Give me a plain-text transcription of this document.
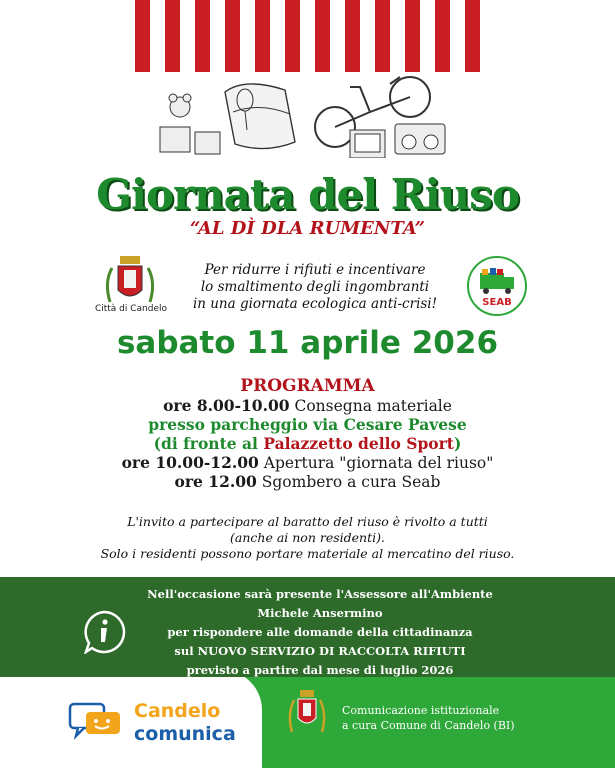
Giornata del Riuso
“AL DÌ DLA RUMENTA”
Città di Candelo
Per ridurre i rifiuti e incentivare
lo smaltimento degli ingombranti
in una giornata ecologica anti-crisi!	SEAB
sabato 11 aprile 2026
PROGRAMMA
ore 8.00-10.00 Consegna materiale
presso parcheggio via Cesare Pavese
(di fronte al Palazzetto dello Sport)
ore 10.00-12.00 Apertura "giornata del riuso"
ore 12.00 Sgombero a cura Seab
L'invito a partecipare al baratto del riuso è rivolto a tutti
(anche ai non residenti).
Solo i residenti possono portare materiale al mercatino del riuso.
Nell'occasione sarà presente l'Assessore all'Ambiente Michele Ansermino
per rispondere alle domande della cittadinanza
sul NUOVO SERVIZIO DI RACCOLTA RIFIUTI
previsto a partire dal mese di luglio 2026
Candelo
comunica
Comunicazione istituzionale
a cura Comune di Candelo (BI)
